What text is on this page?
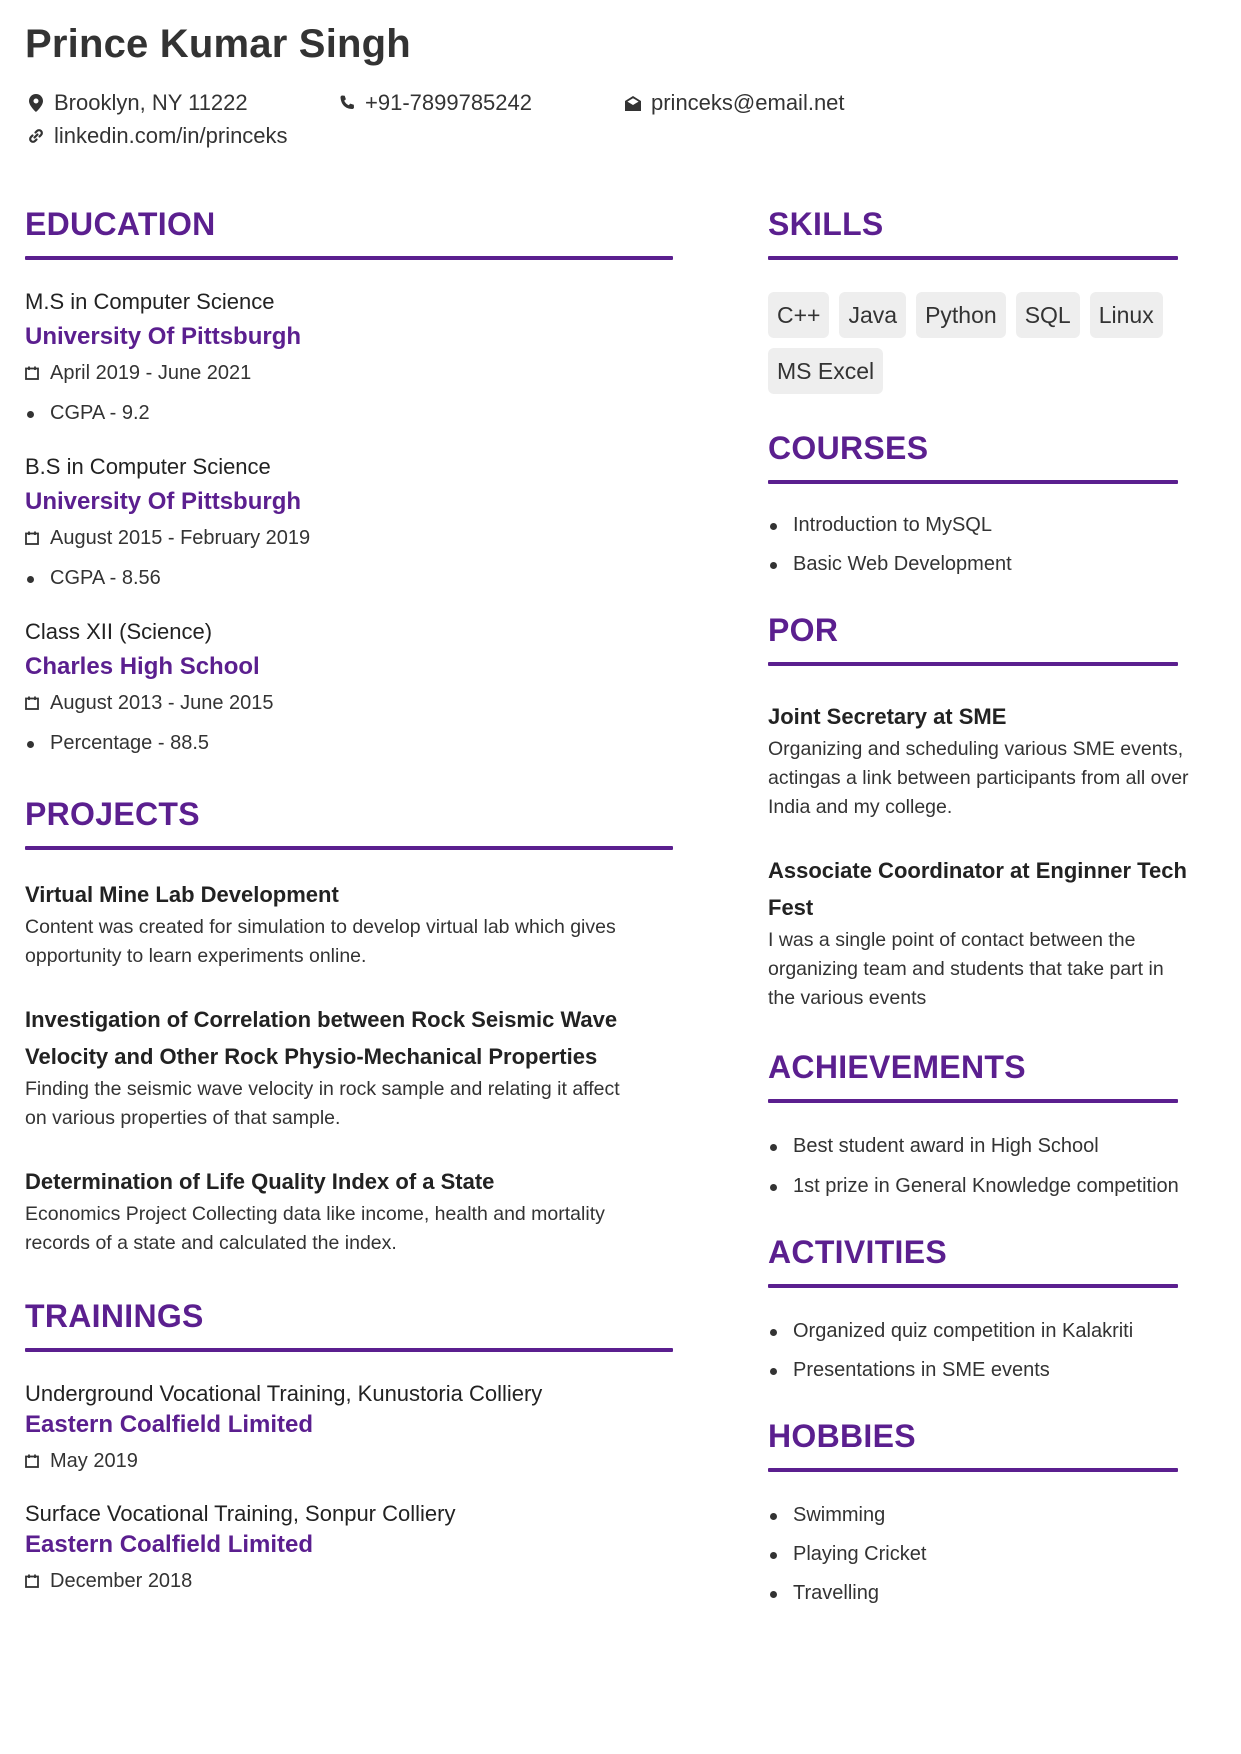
Prince Kumar Singh
Brooklyn, NY 11222	+91-7899785242	princeks@email.net
linkedin.com/in/princeks
EDUCATION
M.S in Computer Science
University Of Pittsburgh
April 2019 - June 2021
CGPA - 9.2
B.S in Computer Science
University Of Pittsburgh
August 2015 - February 2019
CGPA - 8.56
Class XII (Science)
Charles High School
August 2013 - June 2015
Percentage - 88.5
PROJECTS
Virtual Mine Lab Development
Content was created for simulation to develop virtual lab which gives opportunity to learn experiments online.
Investigation of Correlation between Rock Seismic Wave Velocity and Other Rock Physio-Mechanical Properties
Finding the seismic wave velocity in rock sample and relating it affect on various properties of that sample.
Determination of Life Quality Index of a State
Economics Project Collecting data like income, health and mortality records of a state and calculated the index.
TRAININGS
Underground Vocational Training, Kunustoria Colliery
Eastern Coalfield Limited
May 2019
Surface Vocational Training, Sonpur Colliery
Eastern Coalfield Limited
December 2018
SKILLS
C++	Java	Python	SQL	Linux
MS Excel
COURSES
Introduction to MySQL
Basic Web Development
POR
Joint Secretary at SME
Organizing and scheduling various SME events, actingas a link between participants from all over India and my college.
Associate Coordinator at Enginner Tech Fest
I was a single point of contact between the organizing team and students that take part in the various events
ACHIEVEMENTS
Best student award in High School
1st prize in General Knowledge competition
ACTIVITIES
Organized quiz competition in Kalakriti
Presentations in SME events
HOBBIES
Swimming
Playing Cricket
Travelling
